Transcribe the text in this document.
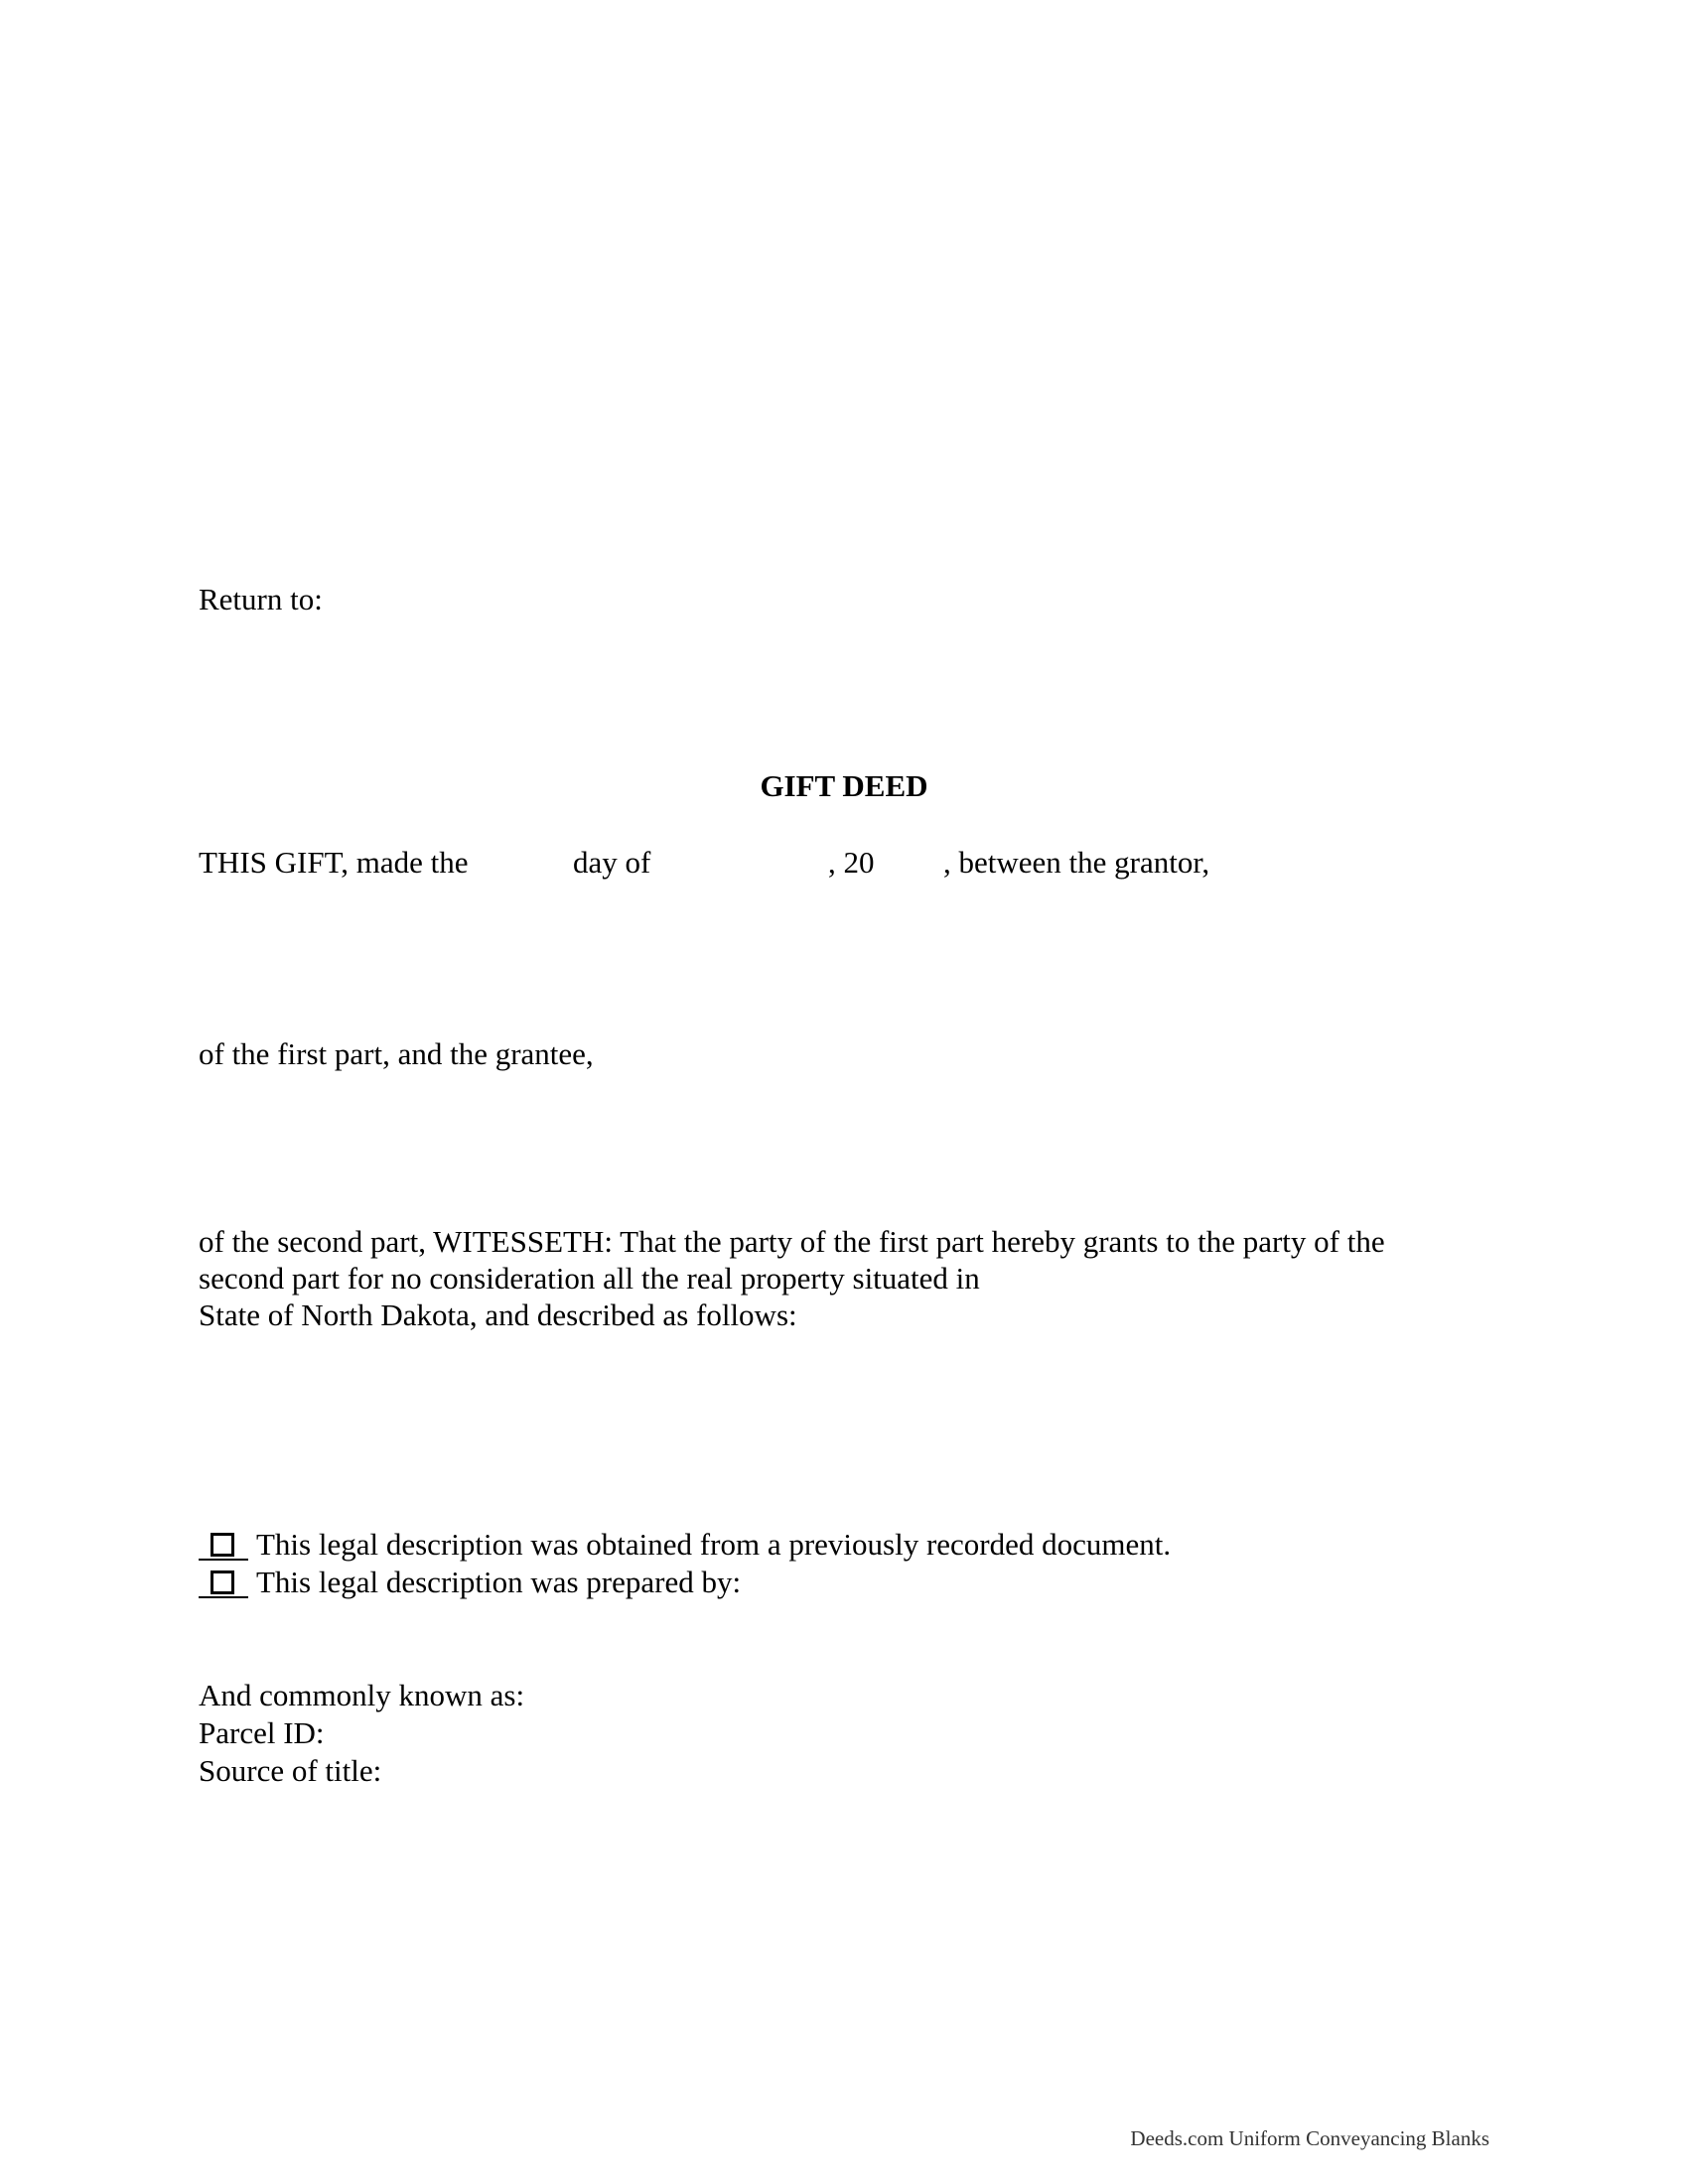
Return to:

GIFT DEED

THIS GIFT, made the	day of	, 20 , between the grantor,

of the first part, and the grantee,

of the second part, WITESSETH: That the party of the first part hereby grants to the party of the

second part for no consideration all the real property situated in

State of North Dakota, and described as follows:

This legal description was obtained from a previously recorded document.
This legal description was prepared by:

And commonly known as:

Parcel ID:

Source of title:

Deeds.com Uniform Conveyancing Blanks
